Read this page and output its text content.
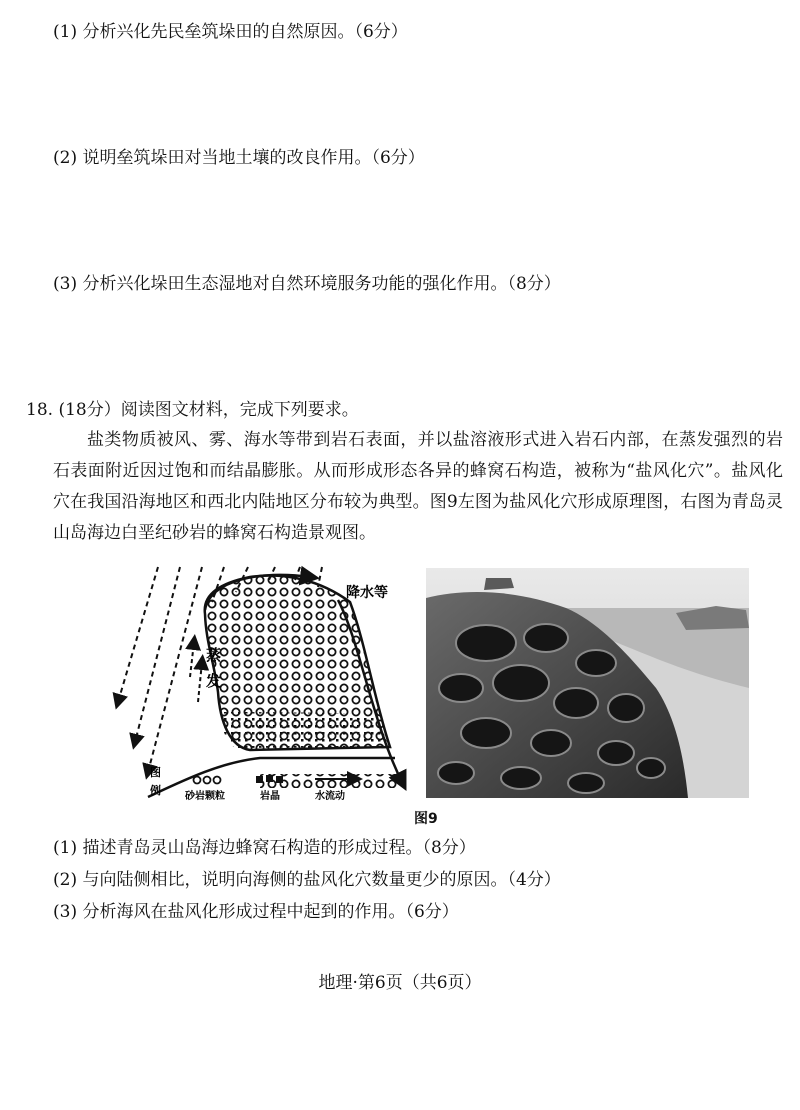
(1) 分析兴化先民垒筑垛田的自然原因。（6分）
(2) 说明垒筑垛田对当地土壤的改良作用。（6分）
(3) 分析兴化垛田生态湿地对自然环境服务功能的强化作用。（8分）
18. (18分）阅读图文材料，完成下列要求。
盐类物质被风、雾、海水等带到岩石表面，并以盐溶液形式进入岩石内部，在蒸发强烈的岩石表面附近因过饱和而结晶膨胀。从而形成形态各异的蜂窝石构造，被称为“盐风化穴”。盐风化穴在我国沿海地区和西北内陆地区分布较为典型。图9左图为盐风化穴形成原理图，右图为青岛灵山岛海边白垩纪砂岩的蜂窝石构造景观图。
降水等
蒸
发
图
例 砂岩颗粒	岩晶	水流动
图9
(1) 描述青岛灵山岛海边蜂窝石构造的形成过程。（8分）
(2) 与向陆侧相比，说明向海侧的盐风化穴数量更少的原因。（4分）
(3) 分析海风在盐风化形成过程中起到的作用。（6分）
地理·第6页（共6页）
